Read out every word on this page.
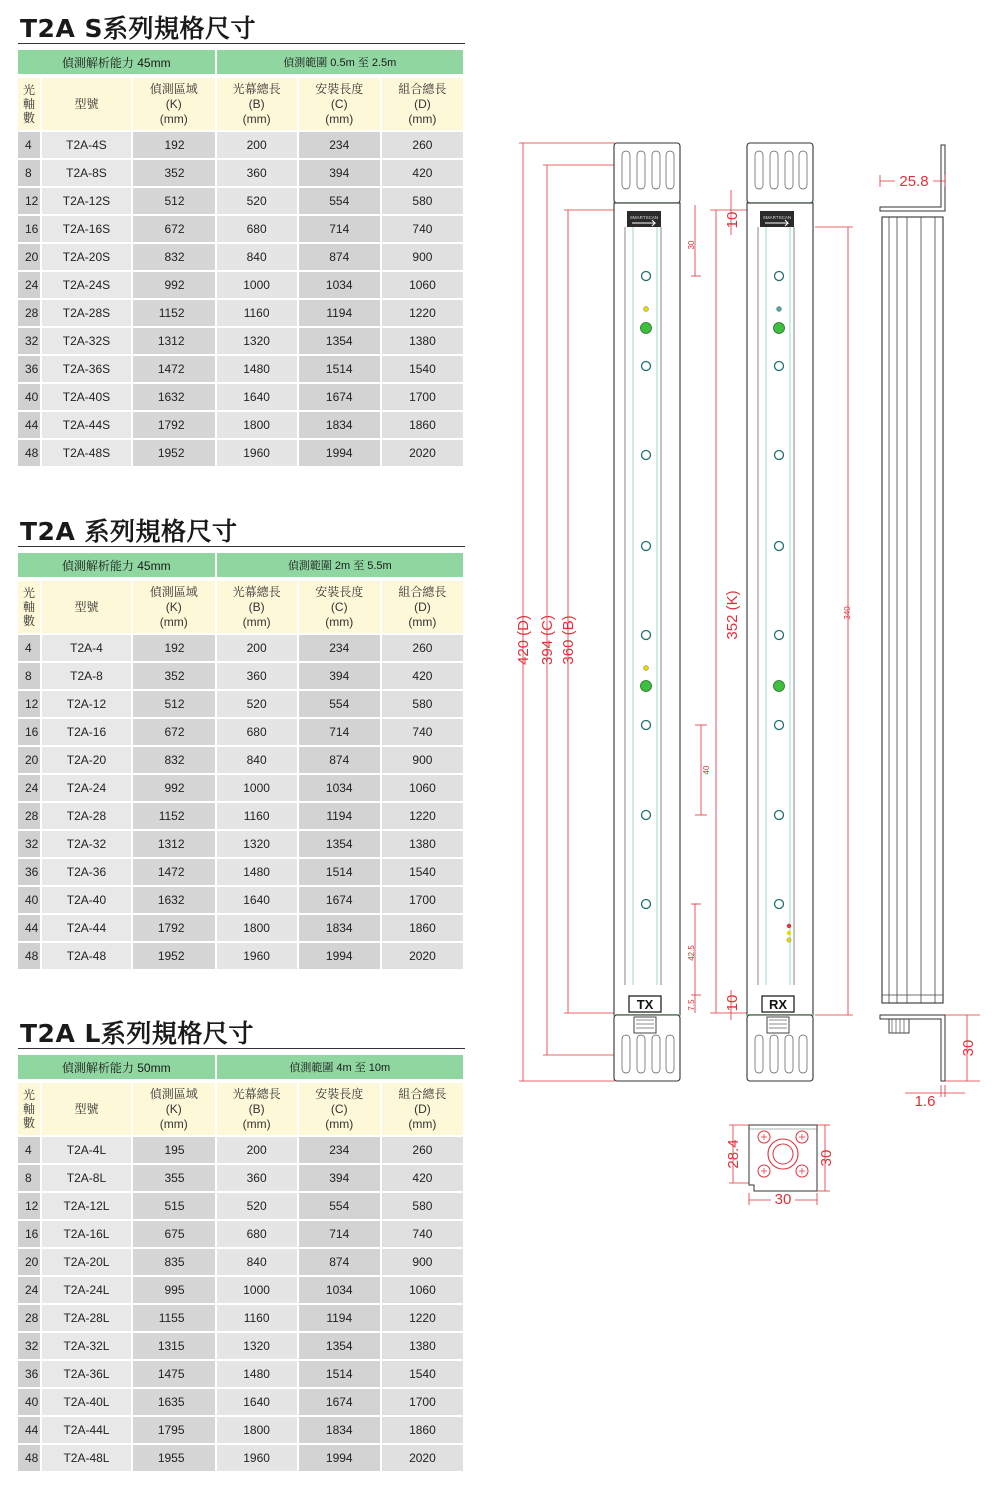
T2A S系列規格尺寸
偵測解析能力 45mm			偵測範圍 0.5m 至 2.5m		

光
軸
數	型號	偵測區域
(K)
(mm)	光幕總長
(B)
(mm)	安裝長度
(C)
(mm)	組合總長
(D)
(mm)

4	T2A-4S	192	200	234	260
8	T2A-8S	352	360	394	420
12	T2A-12S	512	520	554	580
16	T2A-16S	672	680	714	740
20	T2A-20S	832	840	874	900
24	T2A-24S	992	1000	1034	1060
28	T2A-28S	1152	1160	1194	1220
32	T2A-32S	1312	1320	1354	1380
36	T2A-36S	1472	1480	1514	1540
40	T2A-40S	1632	1640	1674	1700
44	T2A-44S	1792	1800	1834	1860
48	T2A-48S	1952	1960	1994	2020
T2A 系列規格尺寸
偵測解析能力 45mm			偵測範圍 2m 至 5.5m		

光
軸
數	型號	偵測區域
(K)
(mm)	光幕總長
(B)
(mm)	安裝長度
(C)
(mm)	組合總長
(D)
(mm)

4	T2A-4	192	200	234	260
8	T2A-8	352	360	394	420
12	T2A-12	512	520	554	580
16	T2A-16	672	680	714	740
20	T2A-20	832	840	874	900
24	T2A-24	992	1000	1034	1060
28	T2A-28	1152	1160	1194	1220
32	T2A-32	1312	1320	1354	1380
36	T2A-36	1472	1480	1514	1540
40	T2A-40	1632	1640	1674	1700
44	T2A-44	1792	1800	1834	1860
48	T2A-48	1952	1960	1994	2020
T2A L系列規格尺寸
偵測解析能力 50mm			偵測範圍 4m 至 10m		

光
軸
數	型號	偵測區域
(K)
(mm)	光幕總長
(B)
(mm)	安裝長度
(C)
(mm)	組合總長
(D)
(mm)

4	T2A-4L	195	200	234	260
8	T2A-8L	355	360	394	420
12	T2A-12L	515	520	554	580
16	T2A-16L	675	680	714	740
20	T2A-20L	835	840	874	900
24	T2A-24L	995	1000	1034	1060
28	T2A-28L	1155	1160	1194	1220
32	T2A-32L	1315	1320	1354	1380
36	T2A-36L	1475	1480	1514	1540
40	T2A-40L	1635	1640	1674	1700
44	T2A-44L	1795	1800	1834	1860
48	T2A-48L	1955	1960	1994	2020
420 (D) 394 (C) 360 (B)
SMARTSCAN
TX
30
40
42.5
7.5
352 (K)
10
10
SMARTSCAN
RX
340
25.8
30
1.6
28.4	30
30
